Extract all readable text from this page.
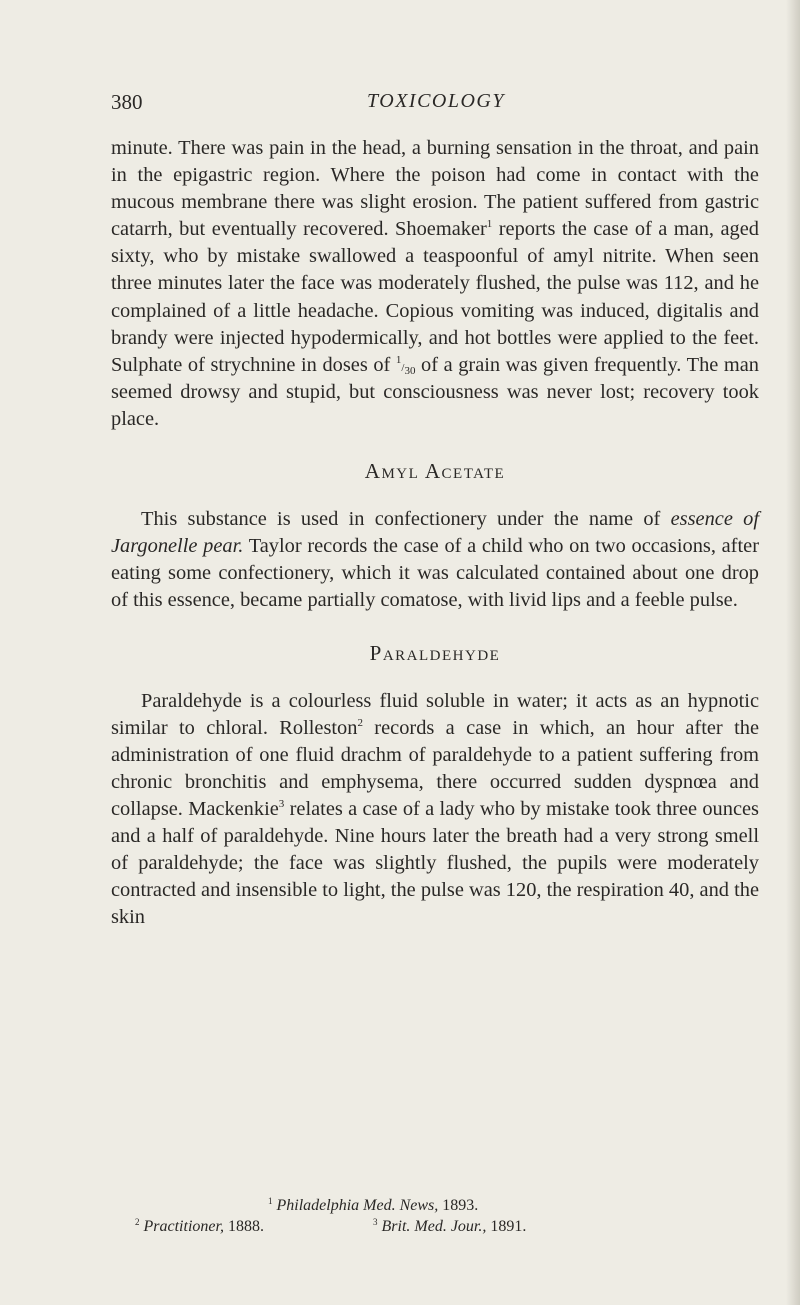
380	TOXICOLOGY

minute. There was pain in the head, a burning sensation in the throat, and pain in the epigastric region. Where the poison had come in contact with the mucous membrane there was slight erosion. The patient suffered from gastric catarrh, but eventually recovered. Shoemaker$^1$ reports the case of a man, aged sixty, who by mistake swallowed a teaspoonful of amyl nitrite. When seen three minutes later the face was moderately flushed, the pulse was 112, and he complained of a little headache. Copious vomiting was induced, digitalis and brandy were injected hypodermically, and hot bottles were applied to the feet. Sulphate of strychnine in doses of 1/30 of a grain was given frequently. The man seemed drowsy and stupid, but consciousness was never lost; recovery took place.

Amyl Acetate

This substance is used in confectionery under the name of essence of Jargonelle pear. Taylor records the case of a child who on two occasions, after eating some confectionery, which it was calculated contained about one drop of this essence, became partially comatose, with livid lips and a feeble pulse.

Paraldehyde

Paraldehyde is a colourless fluid soluble in water; it acts as an hypnotic similar to chloral. Rolleston$^2$ records a case in which, an hour after the administration of one fluid drachm of paraldehyde to a patient suffering from chronic bronchitis and emphysema, there occurred sudden dyspnœa and collapse. Mackenkie$^3$ relates a case of a lady who by mistake took three ounces and a half of paraldehyde. Nine hours later the breath had a very strong smell of paraldehyde; the face was slightly flushed, the pupils were moderately contracted and insensible to light, the pulse was 120, the respiration 40, and the skin

$^1$ Philadelphia Med. News, 1893.
$^2$ Practitioner, 1888.	$^3$ Brit. Med. Jour., 1891.
